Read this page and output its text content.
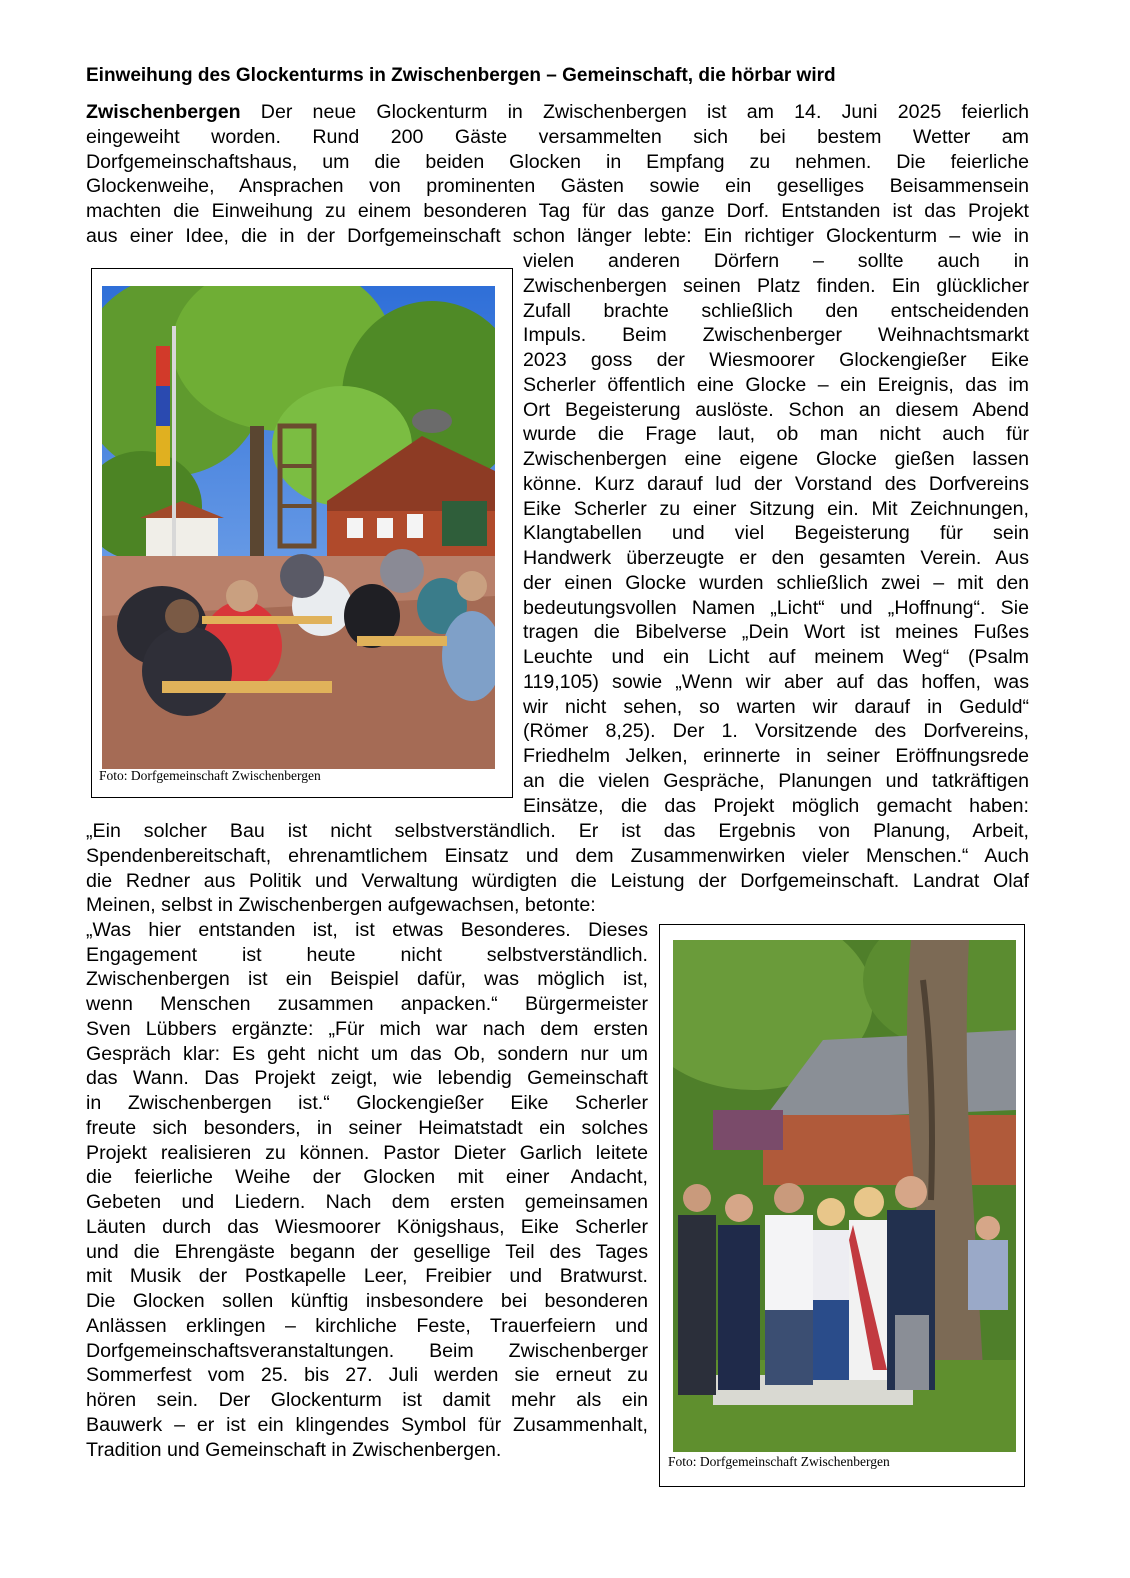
Einweihung des Glockenturms in Zwischenbergen – Gemeinschaft, die hörbar wird
Zwischenbergen Der neue Glockenturm in Zwischenbergen ist am 14. Juni 2025 feierlich
eingeweiht worden. Rund 200 Gäste versammelten sich bei bestem Wetter am
Dorfgemeinschaftshaus, um die beiden Glocken in Empfang zu nehmen. Die feierliche
Glockenweihe, Ansprachen von prominenten Gästen sowie ein geselliges Beisammensein
machten die Einweihung zu einem besonderen Tag für das ganze Dorf. Entstanden ist das Projekt
aus einer Idee, die in der Dorfgemeinschaft schon länger lebte: Ein richtiger Glockenturm – wie in
vielen anderen Dörfern – sollte auch in
Zwischenbergen seinen Platz finden. Ein glücklicher
Zufall brachte schließlich den entscheidenden
Impuls. Beim Zwischenberger Weihnachtsmarkt
2023 goss der Wiesmoorer Glockengießer Eike
Scherler öffentlich eine Glocke – ein Ereignis, das im
Ort Begeisterung auslöste. Schon an diesem Abend
wurde die Frage laut, ob man nicht auch für
Zwischenbergen eine eigene Glocke gießen lassen
könne. Kurz darauf lud der Vorstand des Dorfvereins
Eike Scherler zu einer Sitzung ein. Mit Zeichnungen,
Klangtabellen und viel Begeisterung für sein
Handwerk überzeugte er den gesamten Verein. Aus
der einen Glocke wurden schließlich zwei – mit den
bedeutungsvollen Namen „Licht“ und „Hoffnung“. Sie
tragen die Bibelverse „Dein Wort ist meines Fußes
Leuchte und ein Licht auf meinem Weg“ (Psalm
119,105) sowie „Wenn wir aber auf das hoffen, was
wir nicht sehen, so warten wir darauf in Geduld“
(Römer 8,25). Der 1. Vorsitzende des Dorfvereins,
Friedhelm Jelken, erinnerte in seiner Eröffnungsrede
an die vielen Gespräche, Planungen und tatkräftigen
Einsätze, die das Projekt möglich gemacht haben:
Foto: Dorfgemeinschaft Zwischenbergen
„Ein solcher Bau ist nicht selbstverständlich. Er ist das Ergebnis von Planung, Arbeit,
Spendenbereitschaft, ehrenamtlichem Einsatz und dem Zusammenwirken vieler Menschen.“ Auch
die Redner aus Politik und Verwaltung würdigten die Leistung der Dorfgemeinschaft. Landrat Olaf
Meinen, selbst in Zwischenbergen aufgewachsen, betonte:
„Was hier entstanden ist, ist etwas Besonderes. Dieses
Engagement ist heute nicht selbstverständlich.
Zwischenbergen ist ein Beispiel dafür, was möglich ist,
wenn Menschen zusammen anpacken.“ Bürgermeister
Sven Lübbers ergänzte: „Für mich war nach dem ersten
Gespräch klar: Es geht nicht um das Ob, sondern nur um
das Wann. Das Projekt zeigt, wie lebendig Gemeinschaft
in Zwischenbergen ist.“ Glockengießer Eike Scherler
freute sich besonders, in seiner Heimatstadt ein solches
Projekt realisieren zu können. Pastor Dieter Garlich leitete
die feierliche Weihe der Glocken mit einer Andacht,
Gebeten und Liedern. Nach dem ersten gemeinsamen
Läuten durch das Wiesmoorer Königshaus, Eike Scherler
und die Ehrengäste begann der gesellige Teil des Tages
mit Musik der Postkapelle Leer, Freibier und Bratwurst.
Die Glocken sollen künftig insbesondere bei besonderen
Anlässen erklingen – kirchliche Feste, Trauerfeiern und
Dorfgemeinschaftsveranstaltungen. Beim Zwischenberger
Sommerfest vom 25. bis 27. Juli werden sie erneut zu
hören sein. Der Glockenturm ist damit mehr als ein
Bauwerk – er ist ein klingendes Symbol für Zusammenhalt,
Tradition und Gemeinschaft in Zwischenbergen.
Foto: Dorfgemeinschaft Zwischenbergen
